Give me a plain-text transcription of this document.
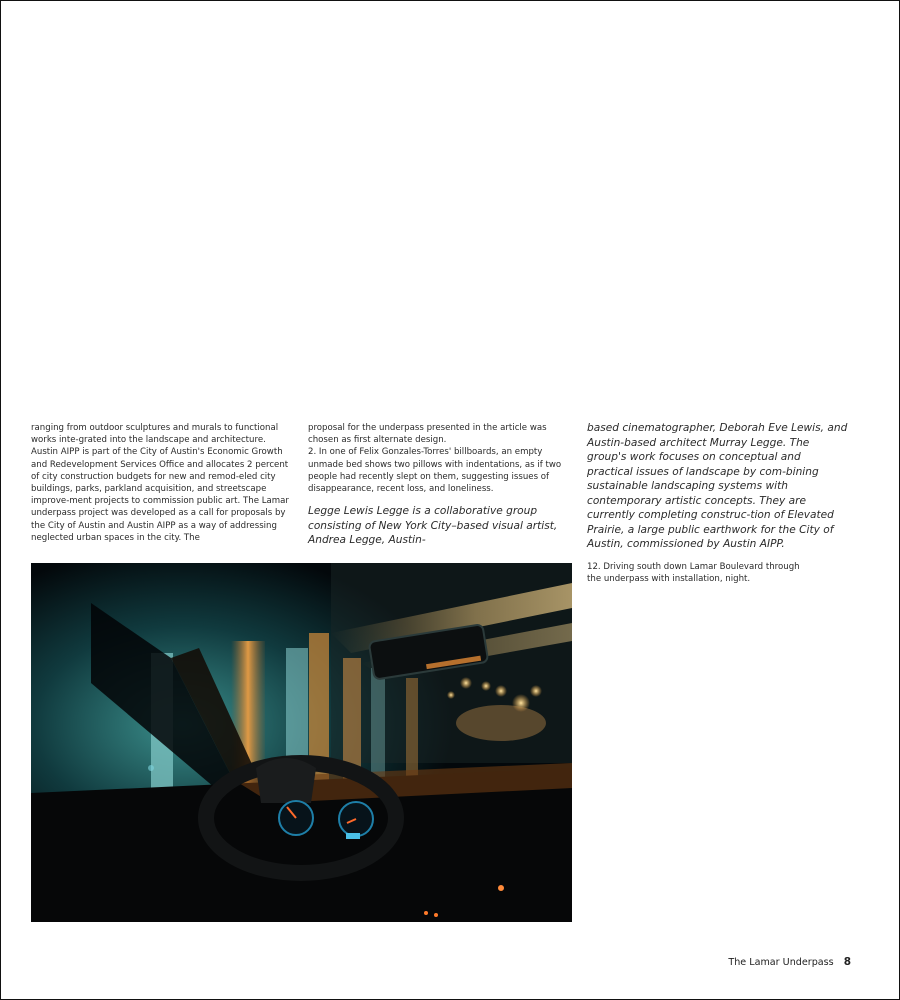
ranging from outdoor sculptures and murals to functional works inte-grated into the landscape and architecture. Austin AIPP is part of the City of Austin's Economic Growth and Redevelopment Services Office and allocates 2 percent of city construction budgets for new and remod-eled city buildings, parks, parkland acquisition, and streetscape improve-ment projects to commission public art. The Lamar underpass project was developed as a call for proposals by the City of Austin and Austin AIPP as a way of addressing neglected urban spaces in the city. The

proposal for the underpass presented in the article was chosen as first alternate design.

2. In one of Felix Gonzales-Torres' billboards, an empty unmade bed shows two pillows with indentations, as if two people had recently slept on them, suggesting issues of disappearance, recent loss, and loneliness.

Legge Lewis Legge is a collaborative group consisting of New York City–based visual artist, Andrea Legge, Austin-

based cinematographer, Deborah Eve Lewis, and Austin-based architect Murray Legge. The group's work focuses on conceptual and practical issues of landscape by com-bining sustainable landscaping systems with contemporary artistic concepts. They are currently completing construc-tion of Elevated Prairie, a large public earthwork for the City of Austin, commissioned by Austin AIPP.

12. Driving south down Lamar Boulevard through the underpass with installation, night.
The Lamar Underpass 8
